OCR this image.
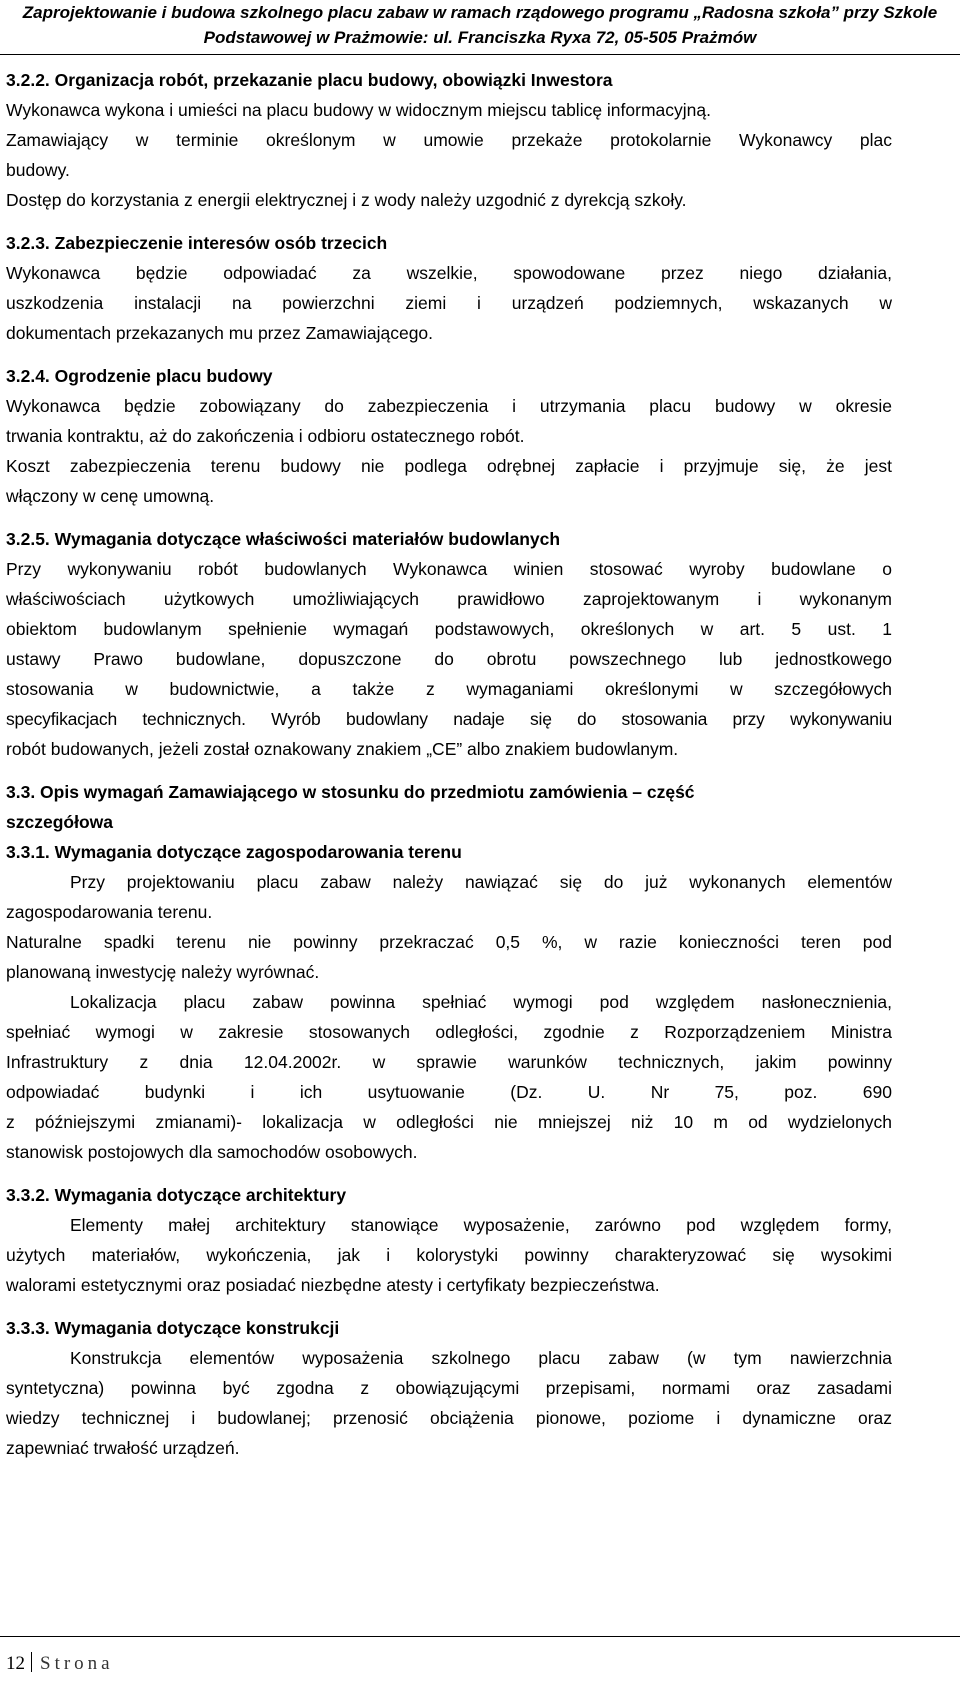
Zaprojektowanie i budowa szkolnego placu zabaw w ramach rządowego programu „Radosna szkoła” przy Szkole
Podstawowej w Prażmowie: ul. Franciszka Ryxa 72, 05-505 Prażmów
3.2.2. Organizacja robót, przekazanie placu budowy, obowiązki Inwestora
Wykonawca wykona i umieści na placu budowy w widocznym miejscu tablicę informacyjną.
Zamawiający w terminie określonym w umowie przekaże protokolarnie Wykonawcy plac
budowy.
Dostęp do korzystania z energii elektrycznej i z wody należy uzgodnić z dyrekcją szkoły.
3.2.3. Zabezpieczenie interesów osób trzecich
Wykonawca będzie odpowiadać za wszelkie, spowodowane przez niego działania,
uszkodzenia instalacji na powierzchni ziemi i urządzeń podziemnych, wskazanych w
dokumentach przekazanych mu przez Zamawiającego.
3.2.4. Ogrodzenie placu budowy
Wykonawca będzie zobowiązany do zabezpieczenia i utrzymania placu budowy w okresie
trwania kontraktu, aż do zakończenia i odbioru ostatecznego robót.
Koszt zabezpieczenia terenu budowy nie podlega odrębnej zapłacie i przyjmuje się, że jest
włączony w cenę umowną.
3.2.5. Wymagania dotyczące właściwości materiałów budowlanych
Przy wykonywaniu robót budowlanych Wykonawca winien stosować wyroby budowlane o
właściwościach użytkowych umożliwiających prawidłowo zaprojektowanym i wykonanym
obiektom budowlanym spełnienie wymagań podstawowych, określonych w art. 5 ust. 1
ustawy Prawo budowlane, dopuszczone do obrotu powszechnego lub jednostkowego
stosowania w budownictwie, a także z wymaganiami określonymi w szczegółowych
specyfikacjach technicznych. Wyrób budowlany nadaje się do stosowania przy wykonywaniu
robót budowanych, jeżeli został oznakowany znakiem „CE” albo znakiem budowlanym.
3.3. Opis wymagań Zamawiającego w stosunku do przedmiotu zamówienia – część
szczegółowa
3.3.1. Wymagania dotyczące zagospodarowania terenu
Przy projektowaniu placu zabaw należy nawiązać się do już wykonanych elementów
zagospodarowania terenu.
Naturalne spadki terenu nie powinny przekraczać 0,5 %, w razie konieczności teren pod
planowaną inwestycję należy wyrównać.
Lokalizacja placu zabaw powinna spełniać wymogi pod względem nasłonecznienia,
spełniać wymogi w zakresie stosowanych odległości, zgodnie z Rozporządzeniem Ministra
Infrastruktury z dnia 12.04.2002r. w sprawie warunków technicznych, jakim powinny
odpowiadać budynki i ich usytuowanie (Dz. U. Nr 75, poz. 690
z późniejszymi zmianami)- lokalizacja w odległości nie mniejszej niż 10 m od wydzielonych
stanowisk postojowych dla samochodów osobowych.
3.3.2. Wymagania dotyczące architektury
Elementy małej architektury stanowiące wyposażenie, zarówno pod względem formy,
użytych materiałów, wykończenia, jak i kolorystyki powinny charakteryzować się wysokimi
walorami estetycznymi oraz posiadać niezbędne atesty i certyfikaty bezpieczeństwa.
3.3.3. Wymagania dotyczące konstrukcji
Konstrukcja elementów wyposażenia szkolnego placu zabaw (w tym nawierzchnia
syntetyczna) powinna być zgodna z obowiązującymi przepisami, normami oraz zasadami
wiedzy technicznej i budowlanej; przenosić obciążenia pionowe, poziome i dynamiczne oraz
zapewniać trwałość urządzeń.
12 Strona
